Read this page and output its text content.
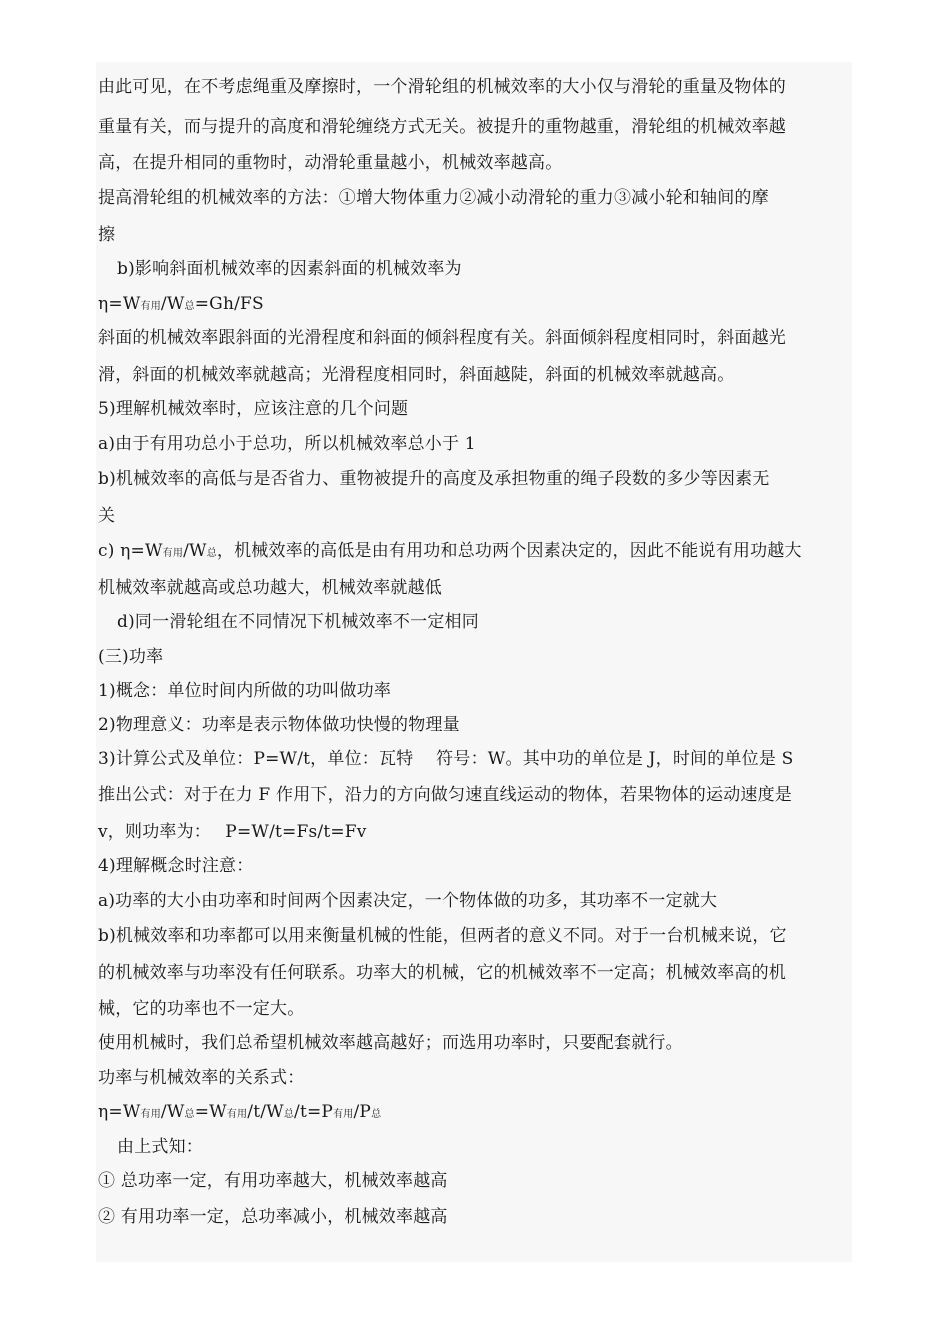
由此可见，在不考虑绳重及摩擦时，一个滑轮组的机械效率的大小仅与滑轮的重量及物体的
重量有关，而与提升的高度和滑轮缠绕方式无关。被提升的重物越重，滑轮组的机械效率越
高，在提升相同的重物时，动滑轮重量越小，机械效率越高。
提高滑轮组的机械效率的方法：①增大物体重力②减小动滑轮的重力③减小轮和轴间的摩
擦
b)影响斜面机械效率的因素斜面的机械效率为
η=W有用/W总=Gh/FS
斜面的机械效率跟斜面的光滑程度和斜面的倾斜程度有关。斜面倾斜程度相同时，斜面越光
滑，斜面的机械效率就越高；光滑程度相同时，斜面越陡，斜面的机械效率就越高。
5)理解机械效率时，应该注意的几个问题
a)由于有用功总小于总功，所以机械效率总小于 1
b)机械效率的高低与是否省力、重物被提升的高度及承担物重的绳子段数的多少等因素无
关
c) η=W有用/W总，机械效率的高低是由有用功和总功两个因素决定的，因此不能说有用功越大
机械效率就越高或总功越大，机械效率就越低
d)同一滑轮组在不同情况下机械效率不一定相同
(三)功率
1)概念：单位时间内所做的功叫做功率
2)物理意义：功率是表示物体做功快慢的物理量
3)计算公式及单位：P=W/t，单位：瓦特　 符号：W。其中功的单位是 J，时间的单位是 S
推出公式：对于在力 F 作用下，沿力的方向做匀速直线运动的物体，若果物体的运动速度是
v，则功率为：　 P=W/t=Fs/t=Fv
4)理解概念时注意：
a)功率的大小由功率和时间两个因素决定，一个物体做的功多，其功率不一定就大
b)机械效率和功率都可以用来衡量机械的性能，但两者的意义不同。对于一台机械来说，它
的机械效率与功率没有任何联系。功率大的机械，它的机械效率不一定高；机械效率高的机
械，它的功率也不一定大。
使用机械时，我们总希望机械效率越高越好；而选用功率时，只要配套就行。
功率与机械效率的关系式：
η=W有用/W总=W有用/t/W总/t=P有用/P总
由上式知：
① 总功率一定，有用功率越大，机械效率越高
② 有用功率一定，总功率减小，机械效率越高
